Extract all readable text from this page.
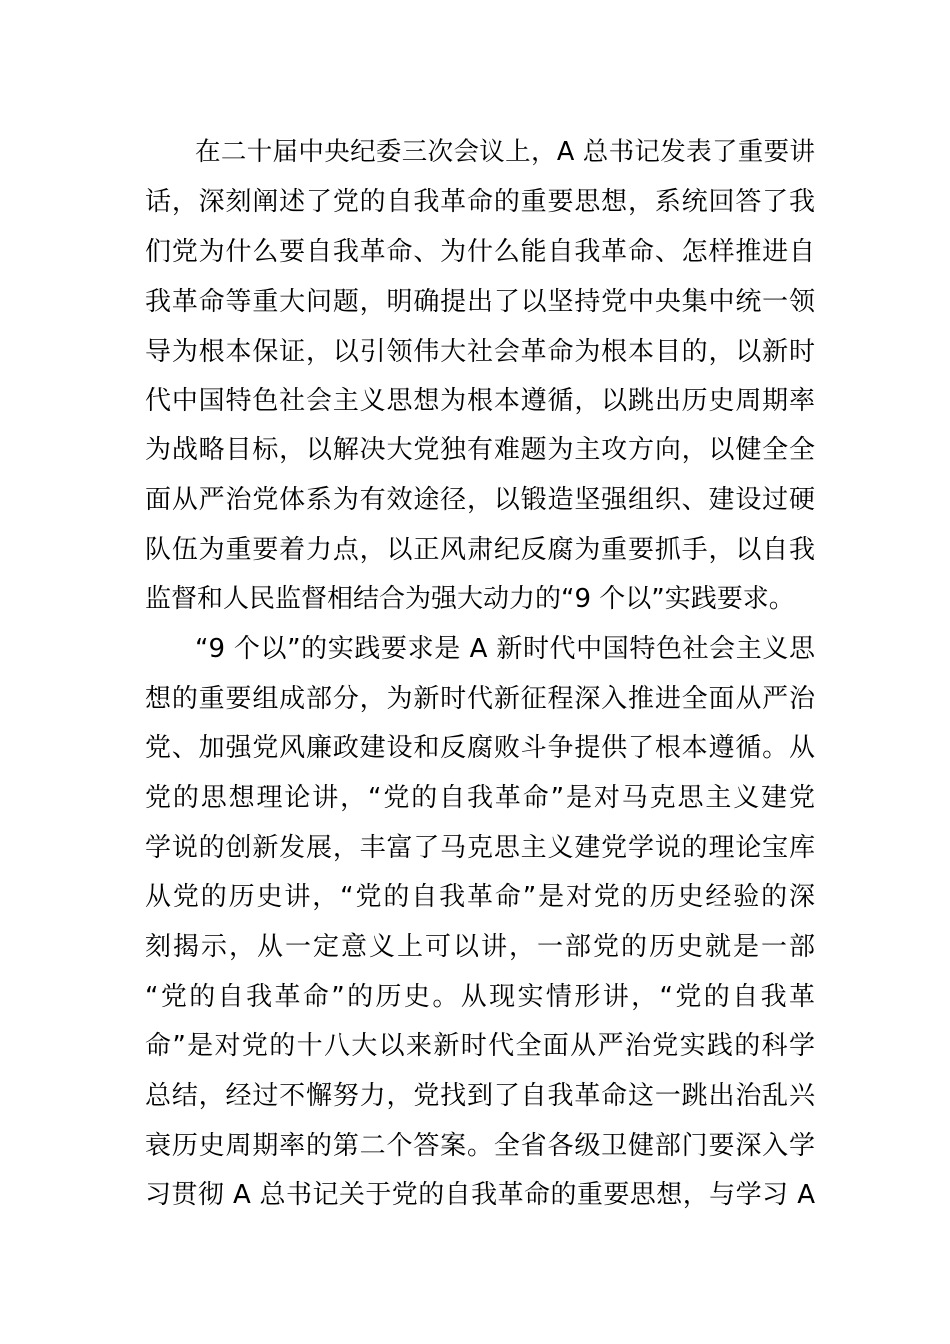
在二十届中央纪委三次会议上，A 总书记发表了重要讲
话，深刻阐述了党的自我革命的重要思想，系统回答了我
们党为什么要自我革命、为什么能自我革命、怎样推进自
我革命等重大问题，明确提出了以坚持党中央集中统一领
导为根本保证，以引领伟大社会革命为根本目的，以新时
代中国特色社会主义思想为根本遵循，以跳出历史周期率
为战略目标，以解决大党独有难题为主攻方向，以健全全
面从严治党体系为有效途径，以锻造坚强组织、建设过硬
队伍为重要着力点，以正风肃纪反腐为重要抓手，以自我
监督和人民监督相结合为强大动力的“9 个以”实践要求。
“9 个以”的实践要求是 A 新时代中国特色社会主义思
想的重要组成部分，为新时代新征程深入推进全面从严治
党、加强党风廉政建设和反腐败斗争提供了根本遵循。从
党的思想理论讲，“党的自我革命”是对马克思主义建党
学说的创新发展，丰富了马克思主义建党学说的理论宝库
从党的历史讲，“党的自我革命”是对党的历史经验的深
刻揭示，从一定意义上可以讲，一部党的历史就是一部
“党的自我革命”的历史。从现实情形讲，“党的自我革
命”是对党的十八大以来新时代全面从严治党实践的科学
总结，经过不懈努力，党找到了自我革命这一跳出治乱兴
衰历史周期率的第二个答案。全省各级卫健部门要深入学
习贯彻 A 总书记关于党的自我革命的重要思想，与学习 A
